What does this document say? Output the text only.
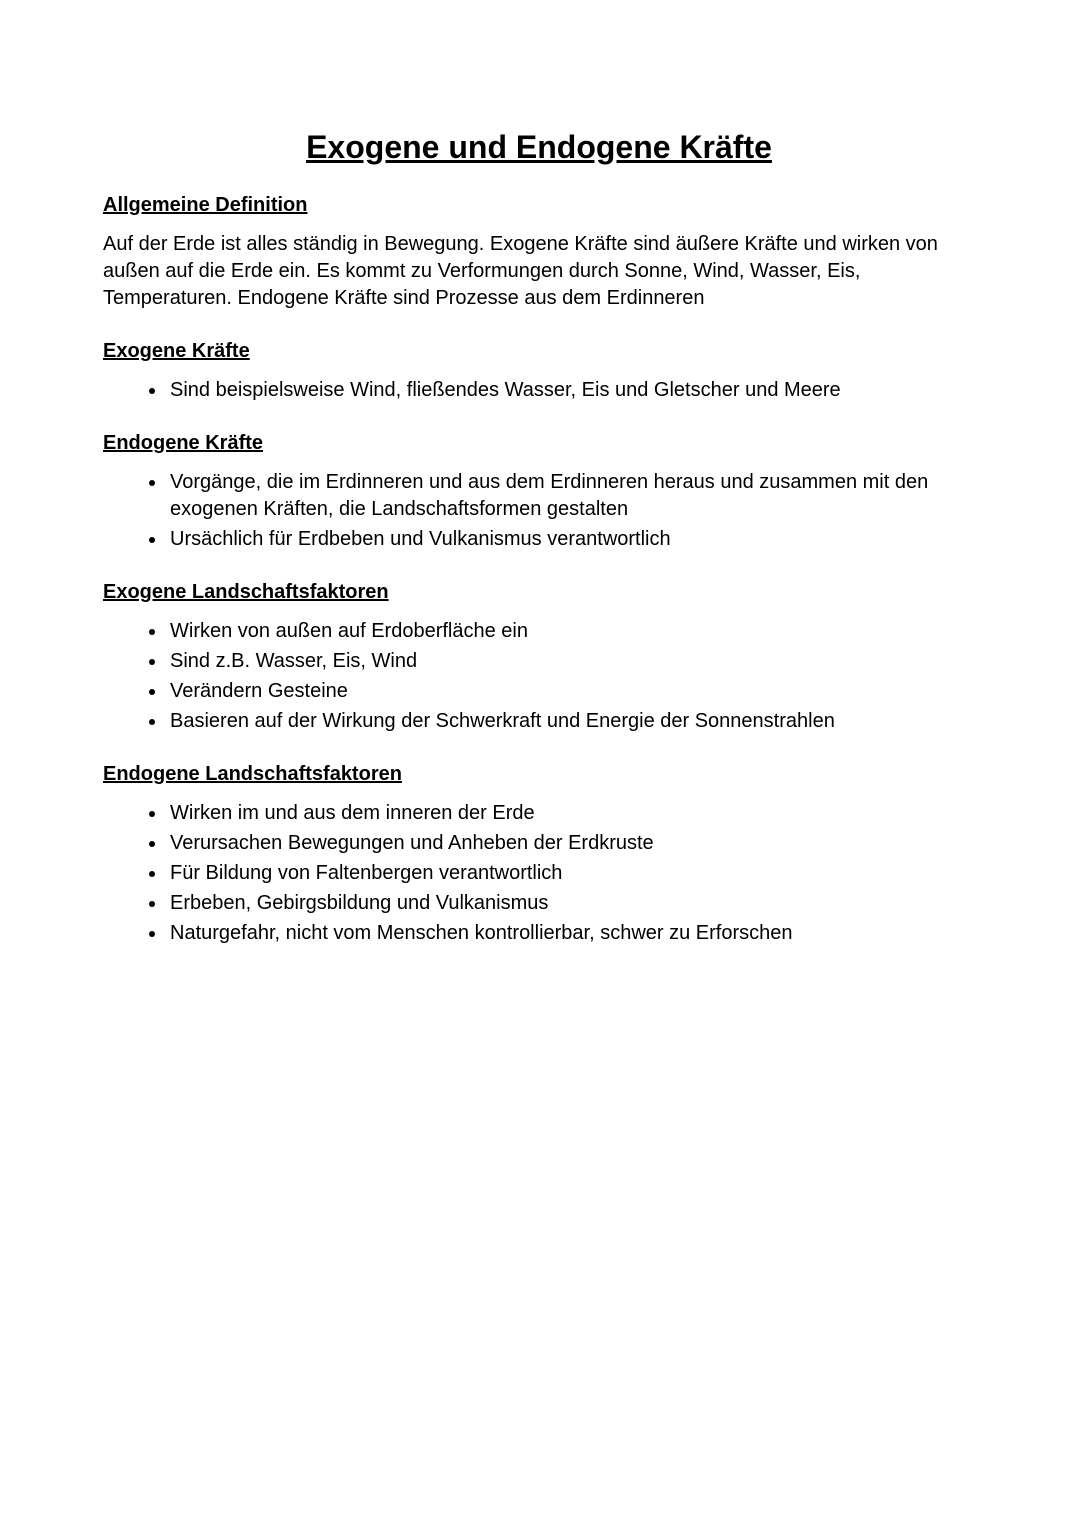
Exogene und Endogene Kräfte
Allgemeine Definition

Auf der Erde ist alles ständig in Bewegung. Exogene Kräfte sind äußere Kräfte und wirken von außen auf die Erde ein. Es kommt zu Verformungen durch Sonne, Wind, Wasser, Eis, Temperaturen. Endogene Kräfte sind Prozesse aus dem Erdinneren

Exogene Kräfte
• Sind beispielsweise Wind, fließendes Wasser, Eis und Gletscher und Meere
Endogene Kräfte
• Vorgänge, die im Erdinneren und aus dem Erdinneren heraus und zusammen mit den exogenen Kräften, die Landschaftsformen gestalten
• Ursächlich für Erdbeben und Vulkanismus verantwortlich
Exogene Landschaftsfaktoren
• Wirken von außen auf Erdoberfläche ein
• Sind z.B. Wasser, Eis, Wind
• Verändern Gesteine
• Basieren auf der Wirkung der Schwerkraft und Energie der Sonnenstrahlen
Endogene Landschaftsfaktoren
• Wirken im und aus dem inneren der Erde
• Verursachen Bewegungen und Anheben der Erdkruste
• Für Bildung von Faltenbergen verantwortlich
• Erbeben, Gebirgsbildung und Vulkanismus
• Naturgefahr, nicht vom Menschen kontrollierbar, schwer zu Erforschen
